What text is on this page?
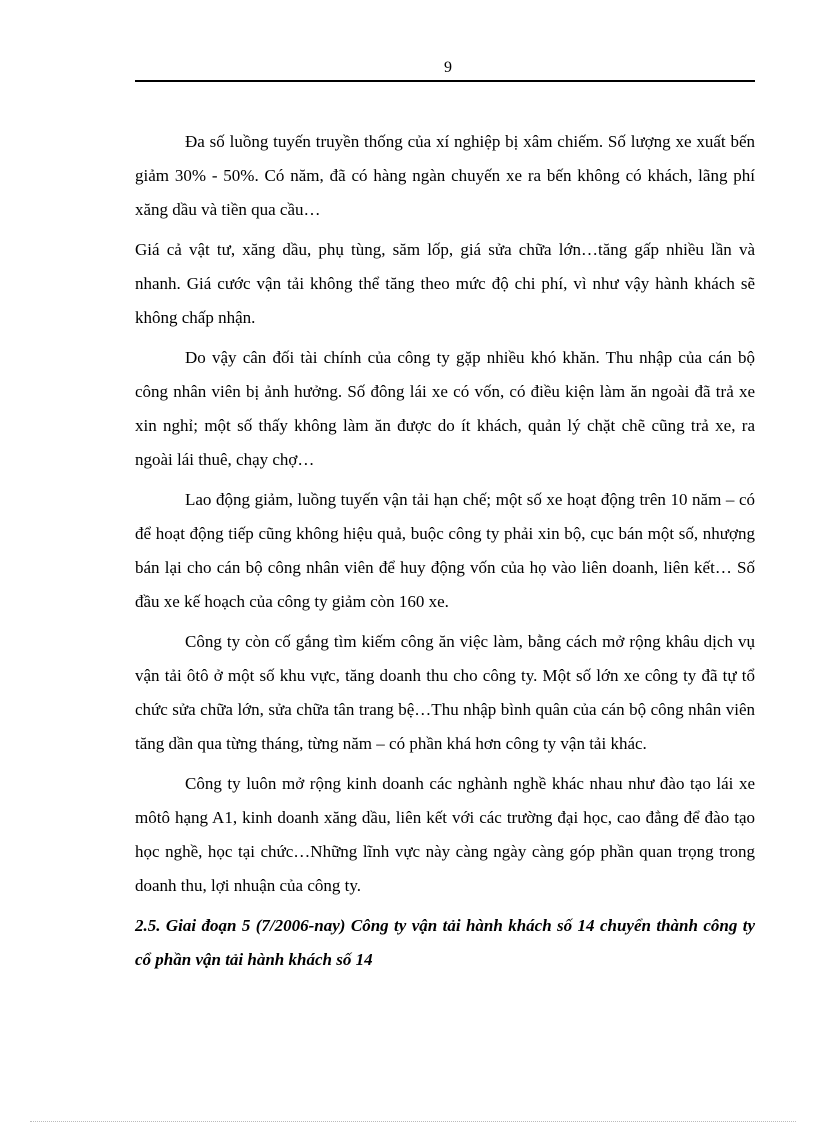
9

Đa số luồng tuyến truyền thống của xí nghiệp bị xâm chiếm. Số lượng xe xuất bến giảm 30% - 50%. Có năm, đã có hàng ngàn chuyến xe ra bến không có khách, lãng phí xăng dầu và tiền qua cầu…

Giá cả vật tư, xăng dầu, phụ tùng, săm lốp, giá sửa chữa lớn…tăng gấp nhiều lần và nhanh. Giá cước vận tải không thể tăng theo mức độ chi phí, vì như vậy hành khách sẽ không chấp nhận.

Do vậy cân đối tài chính của công ty gặp nhiều khó khăn. Thu nhập của cán bộ công nhân viên bị ảnh hưởng. Số đông lái xe có vốn, có điều kiện làm ăn ngoài đã trả xe xin nghỉ; một số thấy không làm ăn được do ít khách, quản lý chặt chẽ cũng trả xe, ra ngoài lái thuê, chạy chợ…

Lao động giảm, luồng tuyến vận tải hạn chế; một số xe hoạt động trên 10 năm – có để hoạt động tiếp cũng không hiệu quả, buộc công ty phải xin bộ, cục bán một số, nhượng bán lại cho cán bộ công nhân viên để huy động vốn của họ vào liên doanh, liên kết… Số đầu xe kế hoạch của công ty giảm còn 160 xe.

Công ty còn cố gắng tìm kiếm công ăn việc làm, bằng cách mở rộng khâu dịch vụ vận tải ôtô ở một số khu vực, tăng doanh thu cho công ty. Một số lớn xe công ty đã tự tổ chức sửa chữa lớn, sửa chữa tân trang bệ…Thu nhập bình quân của cán bộ công nhân viên tăng dần qua từng tháng, từng năm – có phần khá hơn công ty vận tải khác.

Công ty luôn mở rộng kinh doanh các nghành nghề khác nhau như đào tạo lái xe môtô hạng A1, kinh doanh xăng dầu, liên kết với các trường đại học, cao đẳng để đào tạo học nghề, học tại chức…Những lĩnh vực này càng ngày càng góp phần quan trọng trong doanh thu, lợi nhuận của công ty.

2.5. Giai đoạn 5 (7/2006-nay) Công ty vận tải hành khách số 14 chuyển thành công ty cổ phần vận tải hành khách số 14
